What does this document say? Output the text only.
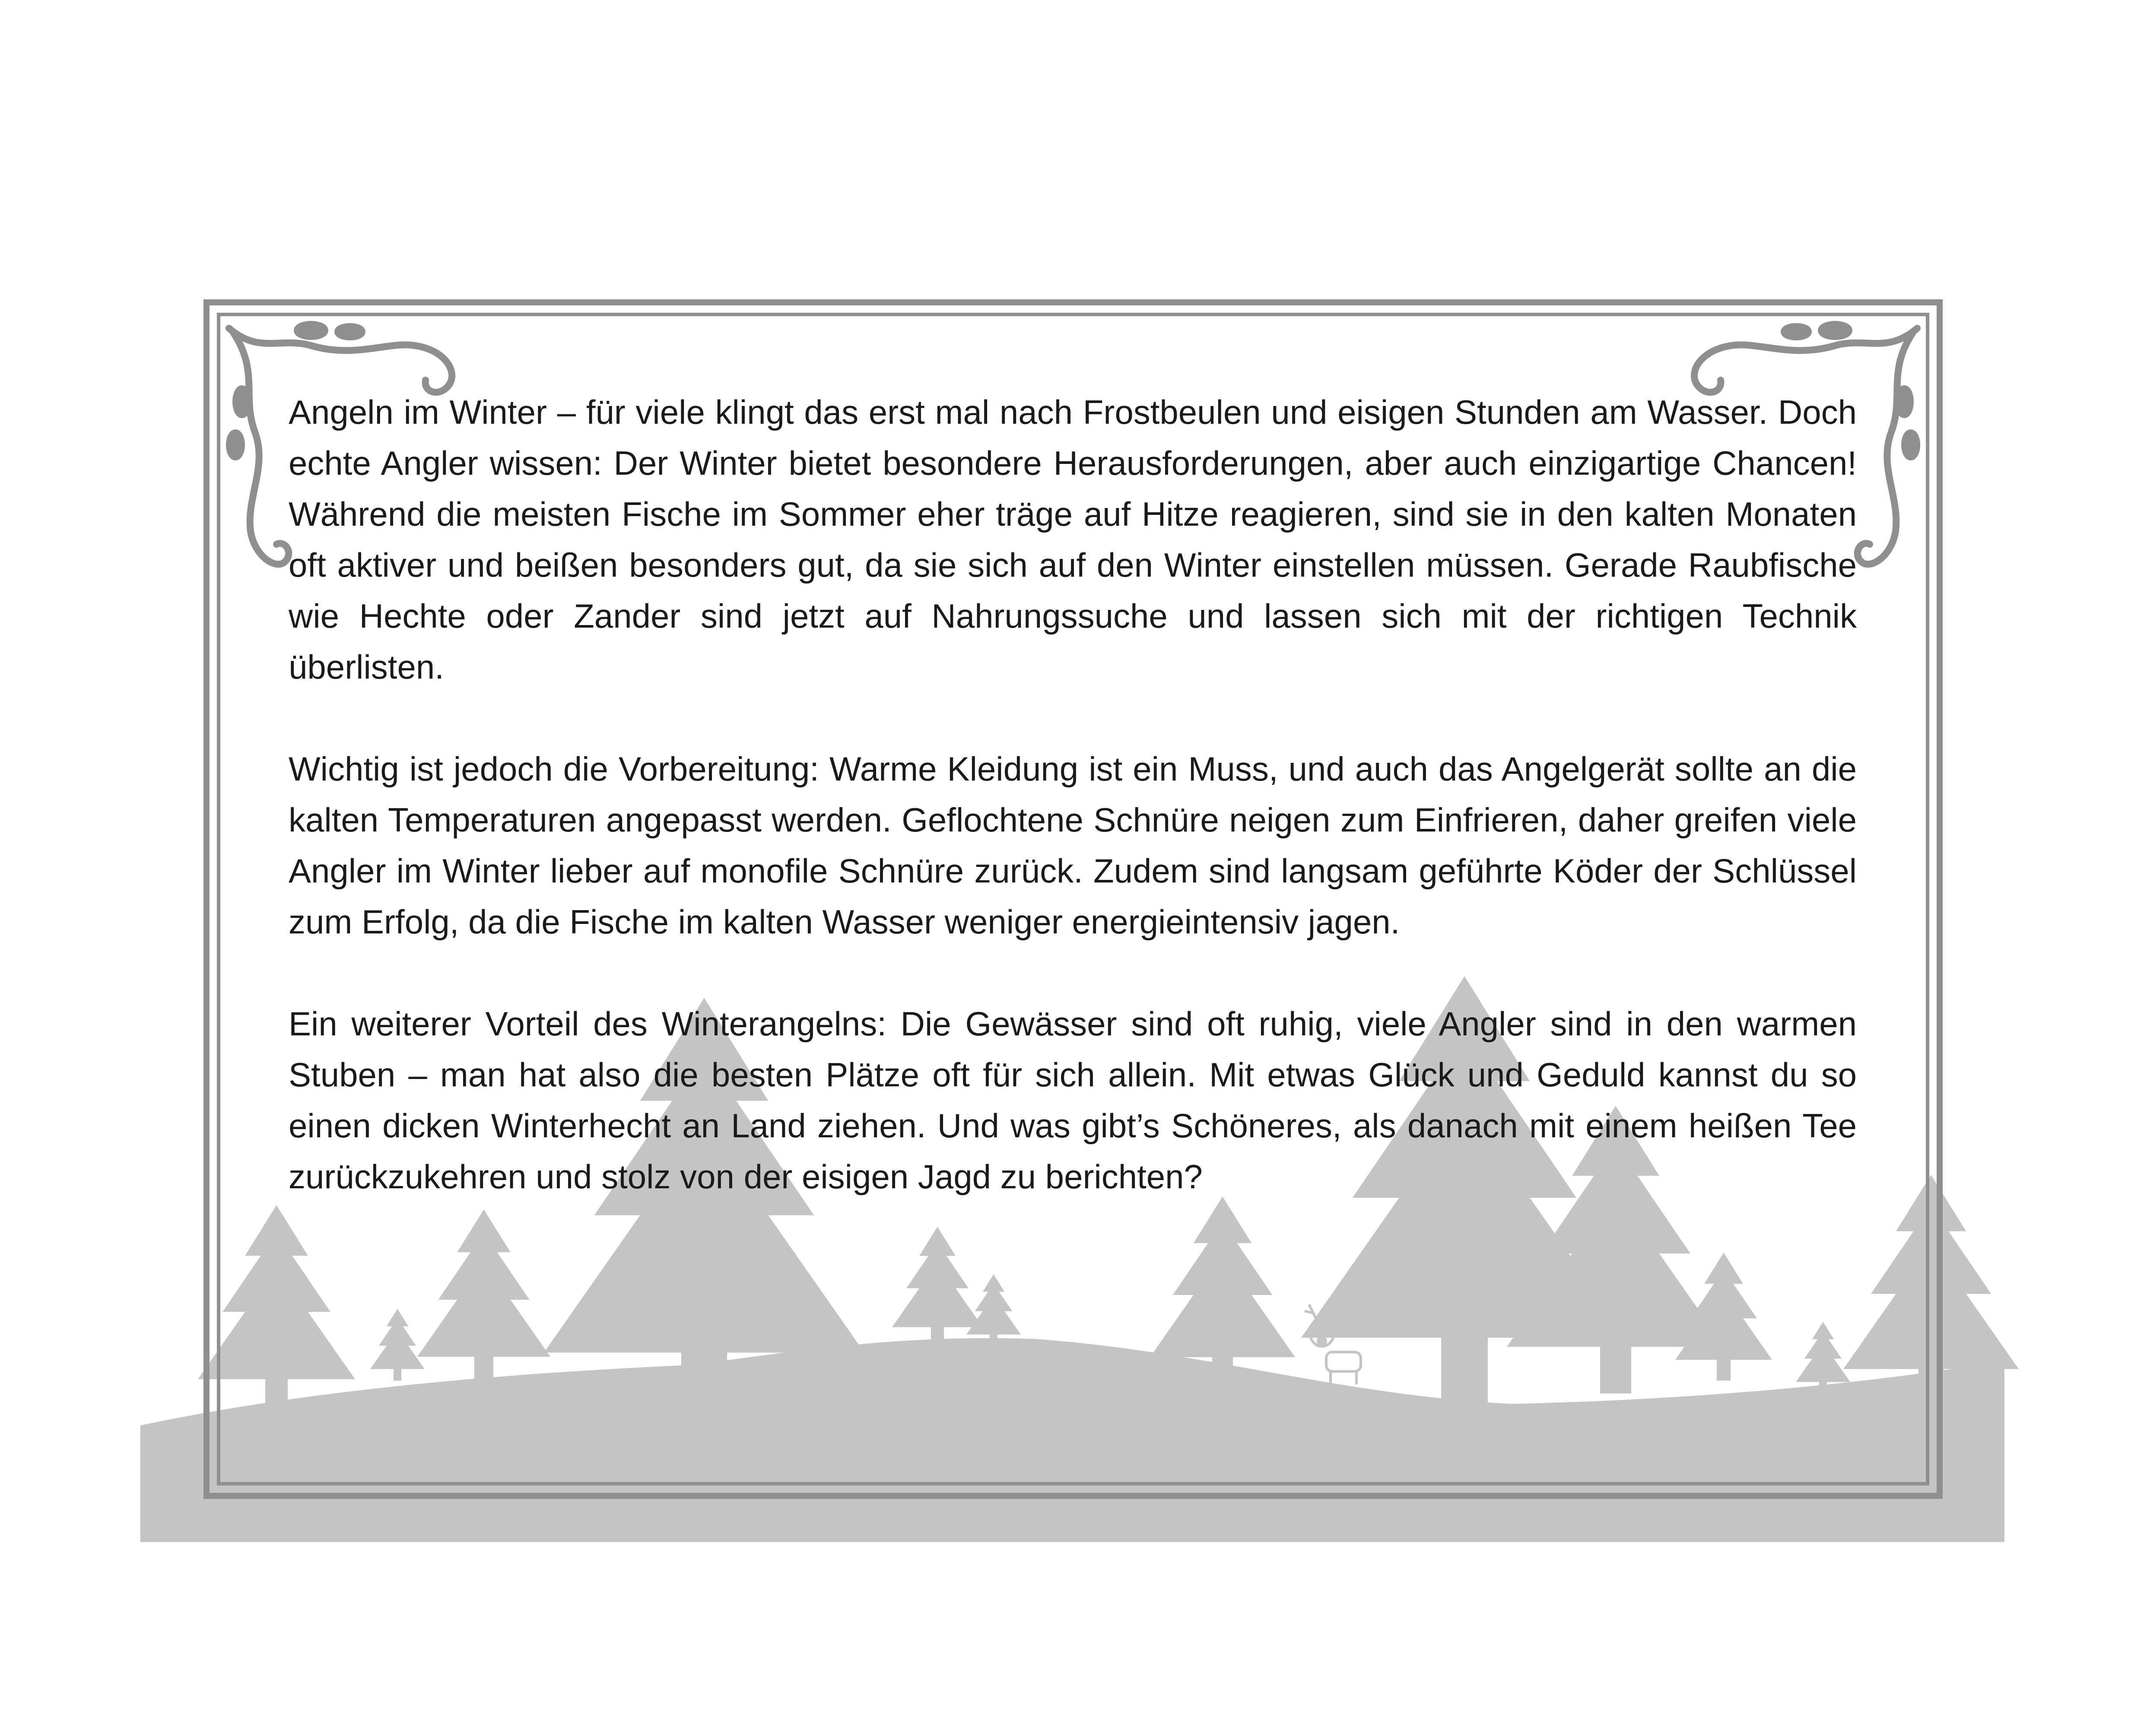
Angeln im Winter – für viele klingt das erst mal nach Frostbeulen und eisigen Stunden am Wasser. Doch echte Angler wissen: Der Winter bietet besondere Herausforderungen, aber auch einzigartige Chancen! Während die meisten Fische im Sommer eher träge auf Hitze reagieren, sind sie in den kalten Monaten oft aktiver und beißen besonders gut, da sie sich auf den Winter einstellen müssen. Gerade Raubfische wie Hechte oder Zander sind jetzt auf Nahrungssuche und lassen sich mit der richtigen Technik überlisten.

Wichtig ist jedoch die Vorbereitung: Warme Kleidung ist ein Muss, und auch das Angelgerät sollte an die kalten Temperaturen angepasst werden. Geflochtene Schnüre neigen zum Einfrieren, daher greifen viele Angler im Winter lieber auf monofile Schnüre zurück. Zudem sind langsam geführte Köder der Schlüssel zum Erfolg, da die Fische im kalten Wasser weniger energieintensiv jagen.

Ein weiterer Vorteil des Winterangelns: Die Gewässer sind oft ruhig, viele Angler sind in den warmen Stuben – man hat also die besten Plätze oft für sich allein. Mit etwas Glück und Geduld kannst du so einen dicken Winterhecht an Land ziehen. Und was gibt’s Schöneres, als danach mit einem heißen Tee zurückzukehren und stolz von der eisigen Jagd zu berichten?
